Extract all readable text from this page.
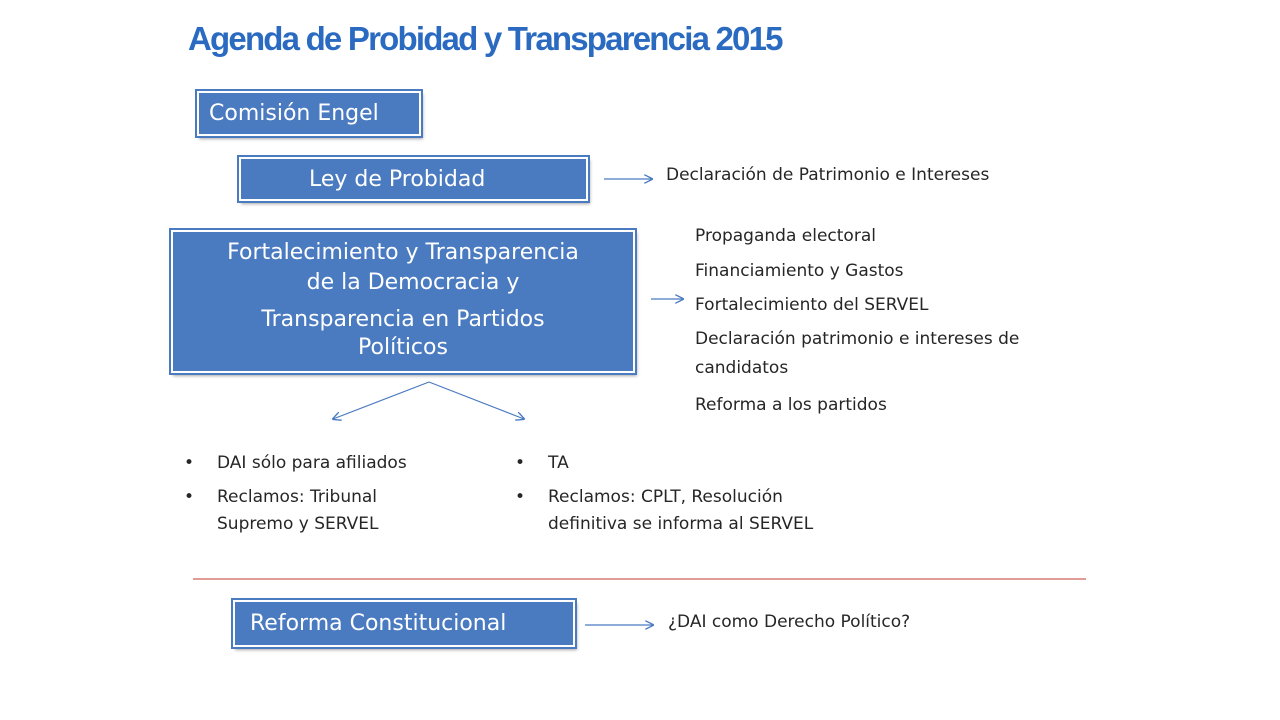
Agenda de Probidad y Transparencia 2015
Comisión Engel
Ley de Probidad	Declaración de Patrimonio e Intereses
Fortalecimiento y Transparencia
de la Democracia y
Transparencia en Partidos
Políticos
Propaganda electoral
Financiamiento y Gastos
Fortalecimiento del SERVEL
Declaración patrimonio e intereses de
candidatos
Reforma a los partidos
• DAI sólo para afiliados
• Reclamos: Tribunal
Supremo y SERVEL
• TA
• Reclamos: CPLT, Resolución
definitiva se informa al SERVEL
Reforma Constitucional	¿DAI como Derecho Político?
